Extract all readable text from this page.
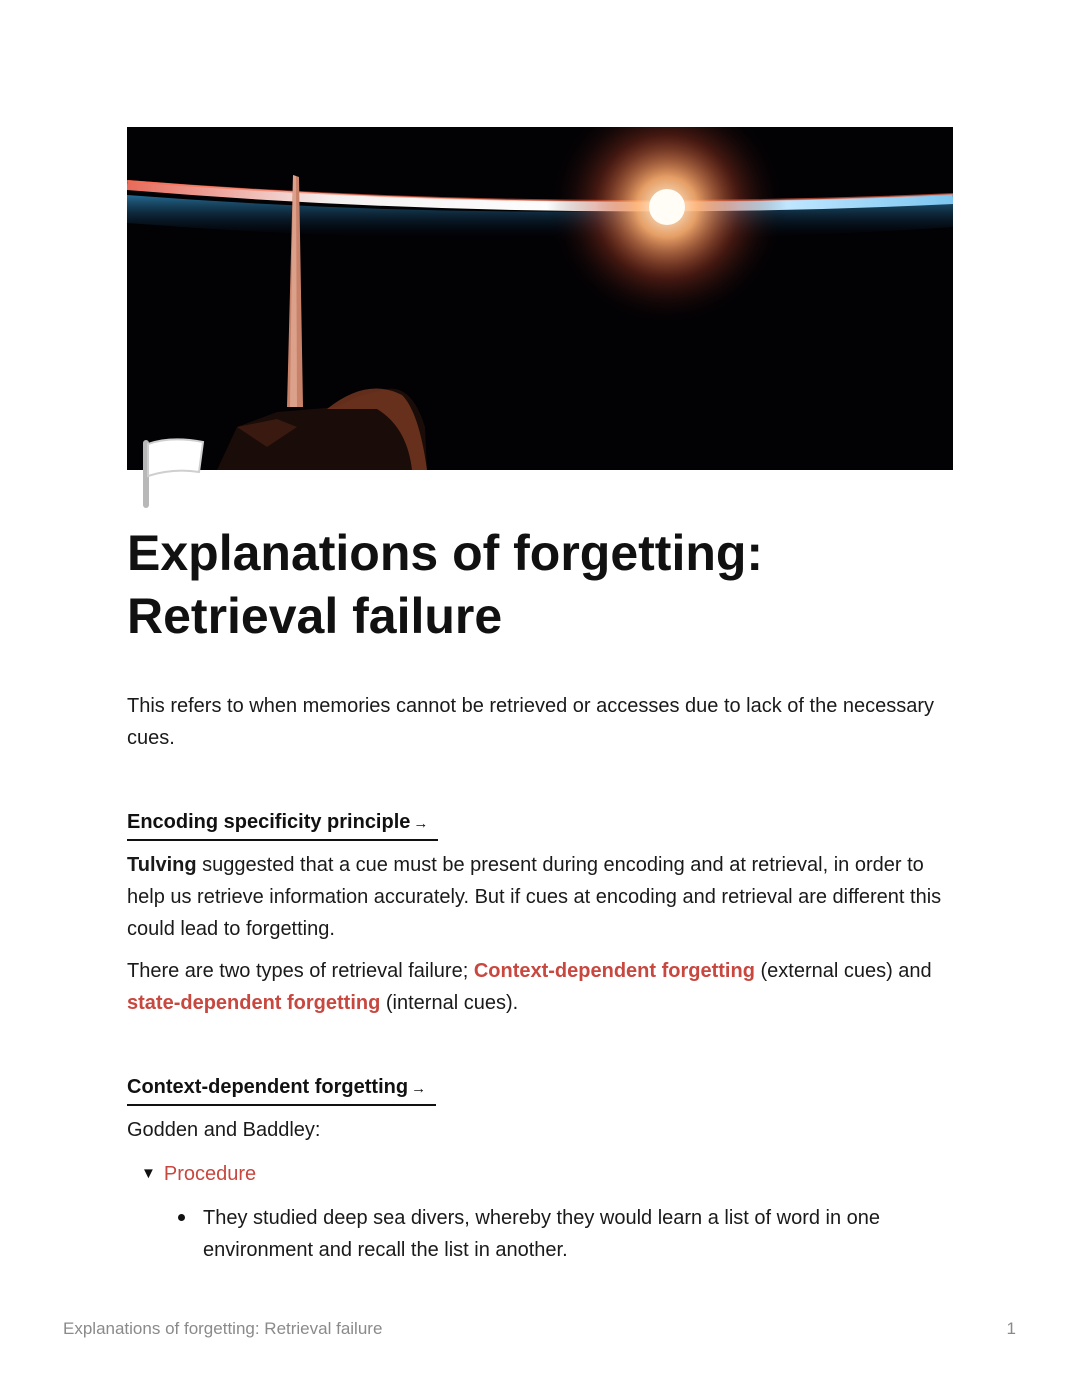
Explanations of forgetting: Retrieval failure

This refers to when memories cannot be retrieved or accesses due to lack of the necessary cues.

Encoding specificity principle →

Tulving suggested that a cue must be present during encoding and at retrieval, in order to help us retrieve information accurately. But if cues at encoding and retrieval are different this could lead to forgetting.

There are two types of retrieval failure; Context-dependent forgetting (external cues) and state-dependent forgetting (internal cues).

Context-dependent forgetting →

Godden and Baddley:

▼ Procedure

They studied deep sea divers, whereby they would learn a list of word in one environment and recall the list in another.

Explanations of forgetting: Retrieval failure	1
